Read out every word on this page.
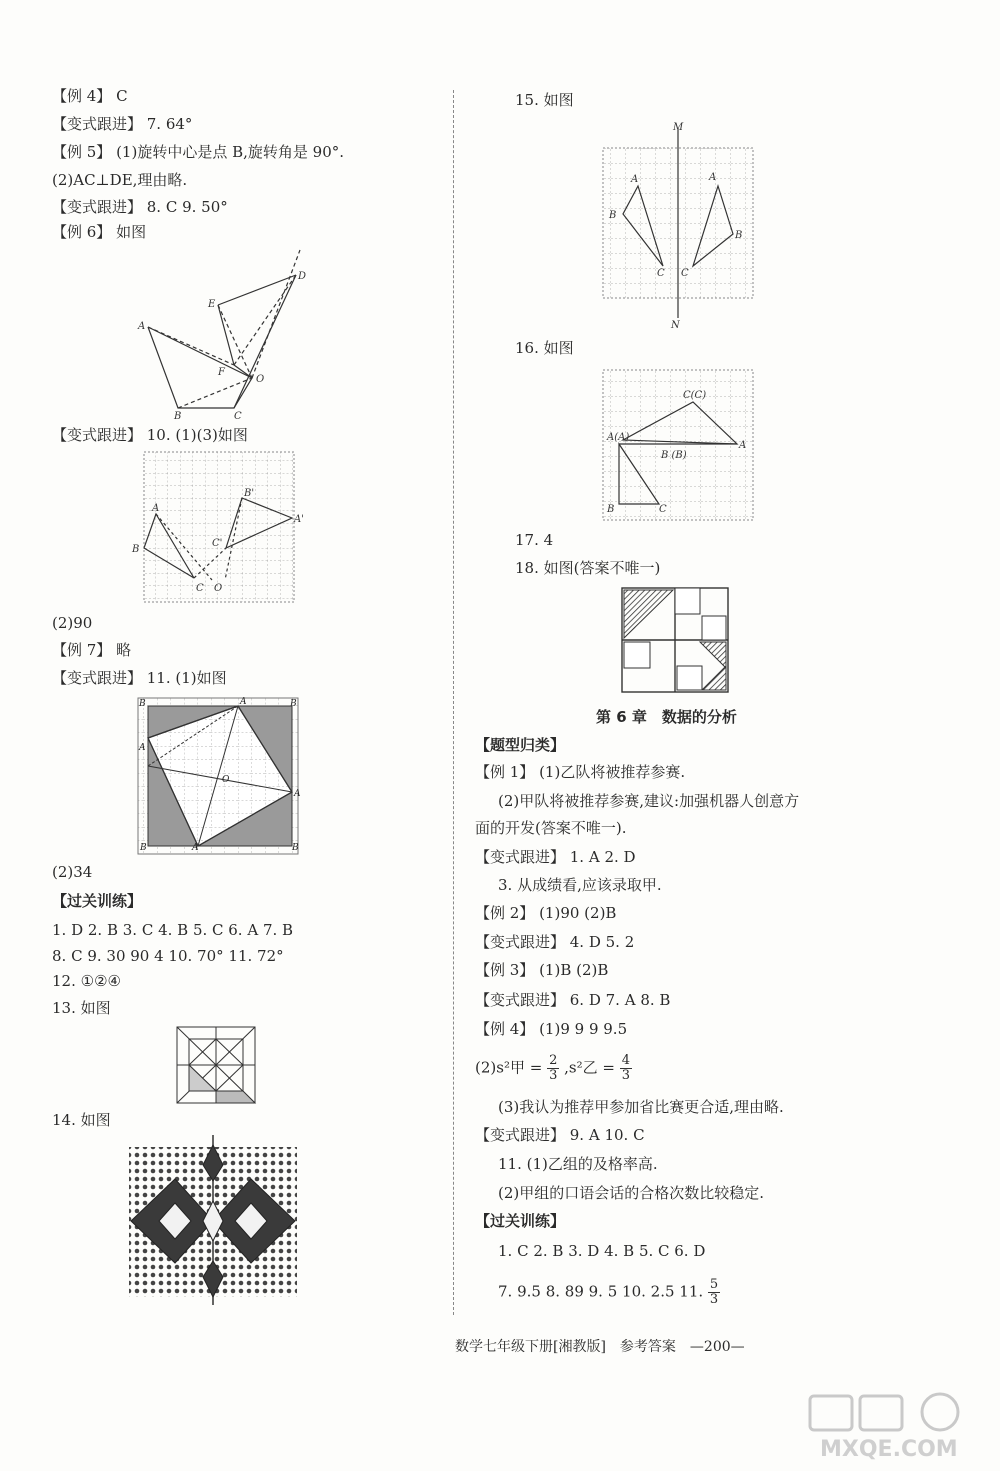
【例 4】 C
【变式跟进】 7. 64°
【例 5】 (1)旋转中心是点 B,旋转角是 90°.
(2)AC⊥DE,理由略.
【变式跟进】 8. C 9. 50°
【例 6】 如图
A
B	C
D
E
F
O
【变式跟进】 10. (1)(3)如图
A
B
C O
B'
A'
C'
(2)90
【例 7】 略
【变式跟进】 11. (1)如图
B
A
B	A
B
A
A
B
O
(2)34
【过关训练】
1. D 2. B 3. C 4. B 5. C 6. A 7. B
8. C 9. 30 90 4 10. 70° 11. 72°
12. ①②④
13. 如图
14. 如图
15. 如图
M
N
A
B
C
A
B
C
16. 如图
A(A)
C(C)
A
B (B)
B	C
17. 4
18. 如图(答案不唯一)
第 6 章　数据的分析
【题型归类】
【例 1】 (1)乙队将被推荐参赛.
(2)甲队将被推荐参赛,建议:加强机器人创意方
面的开发(答案不唯一).
【变式跟进】 1. A 2. D
3. 从成绩看,应该录取甲.
【例 2】 (1)90 (2)B
【变式跟进】 4. D 5. 2
【例 3】 (1)B (2)B
【变式跟进】 6. D 7. A 8. B
【例 4】 (1)9 9 9 9.5
(2)s²甲 = $\frac{2}{3} ,s^2$乙 = $\frac{4}{3}$
(3)我认为推荐甲参加省比赛更合适,理由略.
【变式跟进】 9. A 10. C
11. (1)乙组的及格率高.
(2)甲组的口语会话的合格次数比较稳定.
【过关训练】
1. C 2. B 3. D 4. B 5. C 6. D
7. 9.5 8. 89 9. 5 10. 2.5 11. $\frac{5}{3}$
数学七年级下册[湘教版]　参考答案　—200—
MXQE.COM
